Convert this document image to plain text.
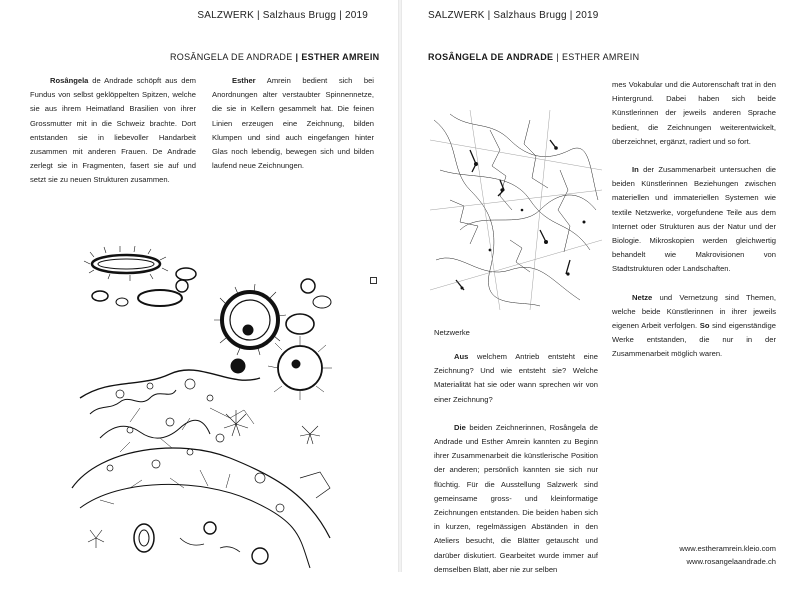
SALZWERK | Salzhaus Brugg | 2019
ROSÂNGELA DE ANDRADE | ESTHER AMREIN
Rosângela de Andrade schöpft aus dem Fundus von selbst geklöppelten Spitzen, welche sie aus ihrem Heimatland Brasilien von ihrer Grossmutter mit in die Schweiz brachte. Dort entstanden sie in liebevoller Handarbeit zusammen mit anderen Frauen. De Andrade zerlegt sie in Fragmenten, fasert sie auf und setzt sie zu neuen Strukturen zusammen.
Esther Amrein bedient sich bei Anordnungen alter verstaubter Spinnennetze, die sie in Kellern gesammelt hat. Die feinen Linien erzeugen eine Zeichnung, bilden Klumpen und sind auch eingefangen hinter Glas noch lebendig, bewegen sich und bilden laufend neue Zeichnungen.
SALZWERK | Salzhaus Brugg | 2019
ROSÂNGELA DE ANDRADE | ESTHER AMREIN
Netzwerke

Aus welchem Antrieb entsteht eine Zeichnung? Und wie entsteht sie? Welche Materialität hat sie oder wann sprechen wir von einer Zeichnung?

Die beiden Zeichnerinnen, Rosângela de Andrade und Esther Amrein kannten zu Beginn ihrer Zusammenarbeit die künstlerische Position der anderen; persönlich kannten sie sich nur flüchtig. Für die Ausstellung Salzwerk sind gemeinsame gross- und kleinformatige Zeichnungen entstanden. Die beiden haben sich in kurzen, regelmässigen Abständen in den Ateliers besucht, die Blätter getauscht und darüber diskutiert. Gearbeitet wurde immer auf demselben Blatt, aber nie zur selben

mes Vokabular und die Autorenschaft trat in den Hintergrund. Dabei haben sich beide Künstlerinnen der jeweils anderen Sprache bedient, die Zeichnungen weiterentwickelt, überzeichnet, ergänzt, radiert und so fort.

In der Zusammenarbeit untersuchen die beiden Künstlerinnen Beziehungen zwischen materiellen und immateriellen Systemen wie textile Netzwerke, vorgefundene Teile aus dem Internet oder Strukturen aus der Natur und der Biologie. Mikroskopien werden gleichwertig behandelt wie Makrovisionen von Stadtstrukturen oder Landschaften.

Netze und Vernetzung sind Themen, welche beide Künstlerinnen in ihrer jeweils eigenen Arbeit verfolgen. So sind eigenständige Werke entstanden, die nur in der Zusammenarbeit möglich waren.

www.estheramrein.kleio.com
www.rosangelaandrade.ch
